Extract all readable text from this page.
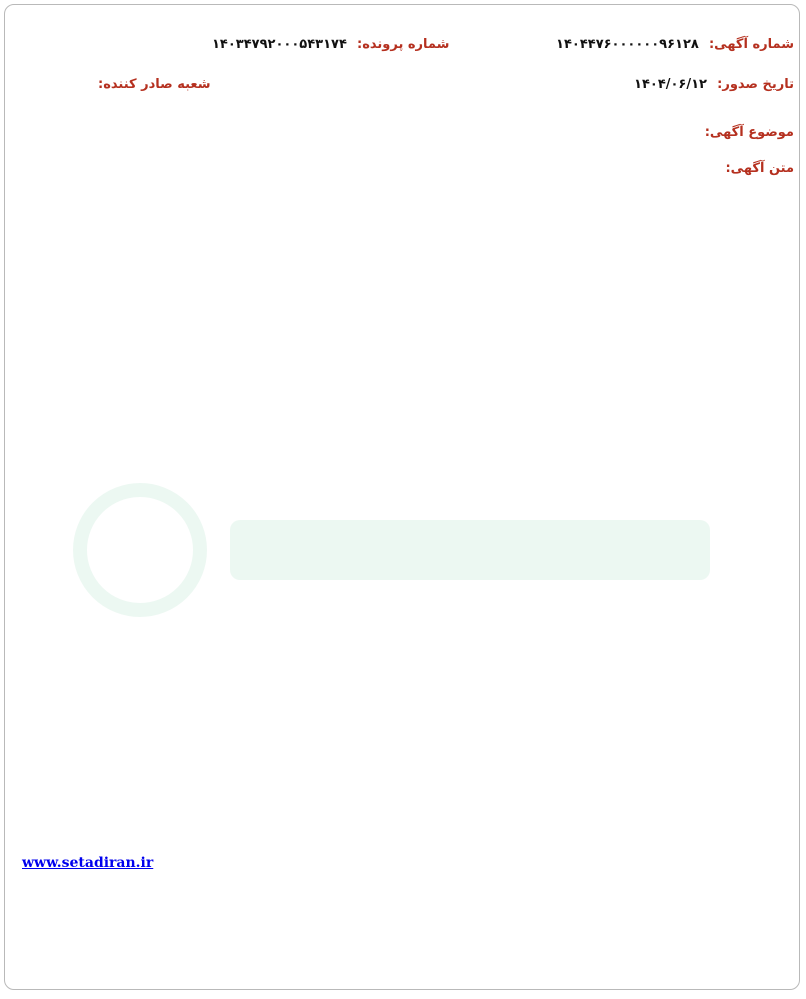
شماره آگهی: ۱۴۰۴۴۷۶۰۰۰۰۰۰۹۶۱۲۸
شماره پرونده: ۱۴۰۳۴۷۹۲۰۰۰۵۴۳۱۷۴
تاریخ صدور: ۱۴۰۴/۰۶/۱۲
شعبه صادر کننده:
موضوع آگهی:
متن آگهی:
www.setadiran.ir
